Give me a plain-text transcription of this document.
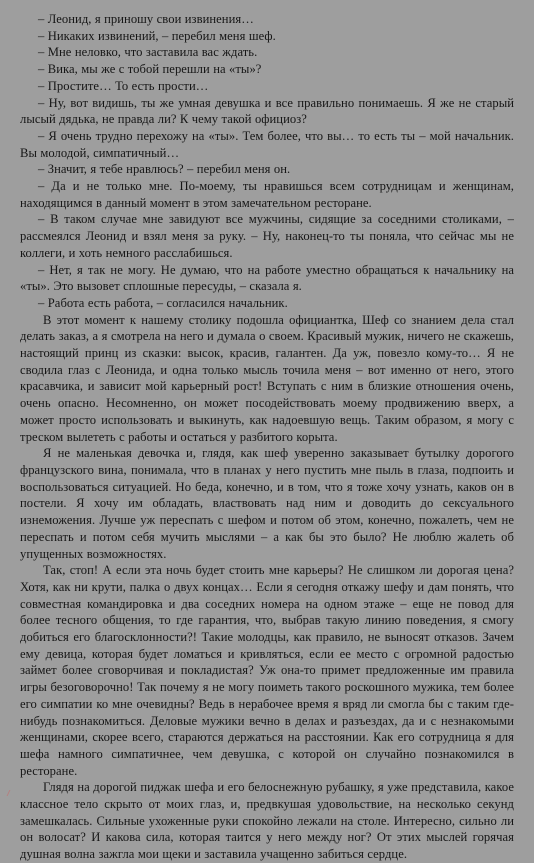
– Леонид, я приношу свои извинения…

– Никаких извинений, – перебил меня шеф.

– Мне неловко, что заставила вас ждать.

– Вика, мы же с тобой перешли на «ты»?

– Простите… То есть прости…

– Ну, вот видишь, ты же умная девушка и все правильно понимаешь. Я же не старый лысый дядька, не правда ли? К чему такой официоз?

– Я очень трудно перехожу на «ты». Тем более, что вы… то есть ты – мой начальник. Вы молодой, симпатичный…

– Значит, я тебе нравлюсь? – перебил меня он.

– Да и не только мне. По-моему, ты нравишься всем сотрудницам и женщинам, находящимся в данный момент в этом замечательном ресторане.

– В таком случае мне завидуют все мужчины, сидящие за соседними столиками, – рассмеялся Леонид и взял меня за руку. – Ну, наконец-то ты поняла, что сейчас мы не коллеги, и хоть немного расслабишься.

– Нет, я так не могу. Не думаю, что на работе уместно обращаться к начальнику на «ты». Это вызовет сплошные пересуды, – сказала я.

– Работа есть работа, – согласился начальник.

В этот момент к нашему столику подошла официантка, Шеф со знанием дела стал делать заказ, а я смотрела на него и думала о своем. Красивый мужик, ничего не скажешь, настоящий принц из сказки: высок, красив, галантен. Да уж, повезло кому-то… Я не сводила глаз с Леонида, и одна только мысль точила меня – вот именно от него, этого красавчика, и зависит мой карьерный рост! Вступать с ним в близкие отношения очень, очень опасно. Несомненно, он может посодействовать моему продвижению вверх, а может просто использовать и выкинуть, как надоевшую вещь. Таким образом, я могу с треском вылететь с работы и остаться у разбитого корыта.

Я не маленькая девочка и, глядя, как шеф уверенно заказывает бутылку дорогого французского вина, понимала, что в планах у него пустить мне пыль в глаза, подпоить и воспользоваться ситуацией. Но беда, конечно, и в том, что я тоже хочу узнать, каков он в постели. Я хочу им обладать, властвовать над ним и доводить до сексуального изнеможения. Лучше уж переспать с шефом и потом об этом, конечно, пожалеть, чем не переспать и потом себя мучить мыслями – а как бы это было? Не люблю жалеть об упущенных возможностях.

Так, стоп! А если эта ночь будет стоить мне карьеры? Не слишком ли дорогая цена? Хотя, как ни крути, палка о двух концах… Если я сегодня откажу шефу и дам понять, что совместная командировка и два соседних номера на одном этаже – еще не повод для более тесного общения, то где гарантия, что, выбрав такую линию поведения, я смогу добиться его благосклонности?! Такие молодцы, как правило, не выносят отказов. Зачем ему девица, которая будет ломаться и кривляться, если ее место с огромной радостью займет более сговорчивая и покладистая? Уж она-то примет предложенные им правила игры безоговорочно! Так почему я не могу поиметь такого роскошного мужика, тем более его симпатии ко мне очевидны? Ведь в нерабочее время я вряд ли смогла бы с таким где-нибудь познакомиться. Деловые мужики вечно в делах и разъездах, да и с незнакомыми женщинами, скорее всего, стараются держаться на расстоянии. Как его сотрудница я для шефа намного симпатичнее, чем девушка, с которой он случайно познакомился в ресторане.

Глядя на дорогой пиджак шефа и его белоснежную рубашку, я уже представила, какое классное тело скрыто от моих глаз, и, предвкушая удовольствие, на несколько секунд замешкалась. Сильные ухоженные руки спокойно лежали на столе. Интересно, сильно ли он волосат? И какова сила, которая таится у него между ног? От этих мыслей горячая душная волна зажгла мои щеки и заставила учащенно забиться сердце.
